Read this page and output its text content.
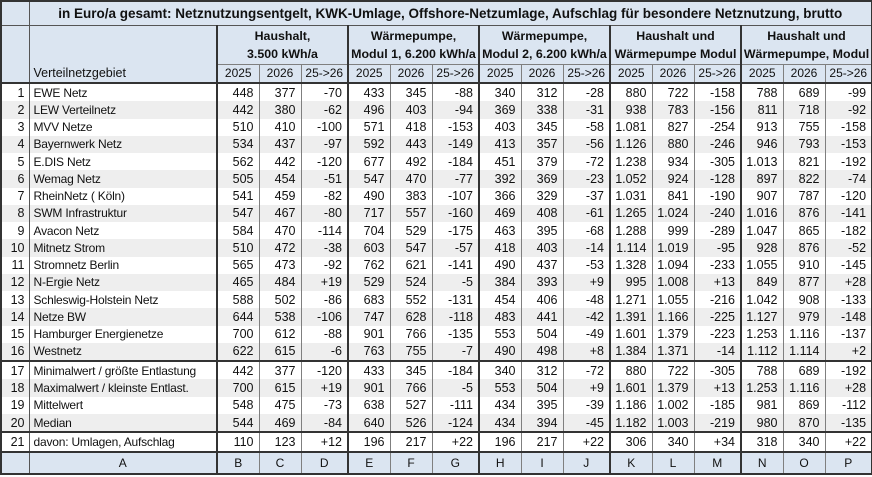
	in Euro/a gesamt: Netznutzungsentgelt, KWK-Umlage, Offshore-Netzumlage, Aufschlag für besondere Netznutzung, brutto															
	Verteilnetzgebiet	
Haushalt,
3.500 kWh/a

Wärmepumpe,
Modul 1, 6.200 kWh/a

Wärmepumpe,
Modul 2, 6.200 kWh/a

Haushalt und
Wärmepumpe Modul

Haushalt und
Wärmepumpe, Modul

		2025	2026	25->26	2025	2026	25->26	2025	2026	25->26	2025	2026	25->26	2025	2026	25->26
1	EWE Netz	448	377	-70	433	345	-88	340	312	-28	880	722	-158	788	689	-99
2	LEW Verteilnetz	442	380	-62	496	403	-94	369	338	-31	938	783	-156	811	718	-92
3	MVV Netze	510	410	-100	571	418	-153	403	345	-58	1.081	827	-254	913	755	-158
4	Bayernwerk Netz	534	437	-97	592	443	-149	413	357	-56	1.126	880	-246	946	793	-153
5	E.DIS Netz	562	442	-120	677	492	-184	451	379	-72	1.238	934	-305	1.013	821	-192
6	Wemag Netz	505	454	-51	547	470	-77	392	369	-23	1.052	924	-128	897	822	-74
7	RheinNetz ( Köln)	541	459	-82	490	383	-107	366	329	-37	1.031	841	-190	907	787	-120
8	SWM Infrastruktur	547	467	-80	717	557	-160	469	408	-61	1.265	1.024	-240	1.016	876	-141
9	Avacon Netz	584	470	-114	704	529	-175	463	395	-68	1.288	999	-289	1.047	865	-182
10	Mitnetz Strom	510	472	-38	603	547	-57	418	403	-14	1.114	1.019	-95	928	876	-52
11	Stromnetz Berlin	565	473	-92	762	621	-141	490	437	-53	1.328	1.094	-233	1.055	910	-145
12	N-Ergie Netz	465	484	+19	529	524	-5	384	393	+9	995	1.008	+13	849	877	+28
13	Schleswig-Holstein Netz	588	502	-86	683	552	-131	454	406	-48	1.271	1.055	-216	1.042	908	-133
14	Netze BW	644	538	-106	747	628	-118	483	441	-42	1.391	1.166	-225	1.127	979	-148
15	Hamburger Energienetze	700	612	-88	901	766	-135	553	504	-49	1.601	1.379	-223	1.253	1.116	-137
16	Westnetz	622	615	-6	763	755	-7	490	498	+8	1.384	1.371	-14	1.112	1.114	+2
17	Minimalwert / größte Entlastung	442	377	-120	433	345	-184	340	312	-72	880	722	-305	788	689	-192
18	Maximalwert / kleinste Entlast.	700	615	+19	901	766	-5	553	504	+9	1.601	1.379	+13	1.253	1.116	+28
19	Mittelwert	548	475	-73	638	527	-111	434	395	-39	1.186	1.002	-185	981	869	-112
20	Median	544	469	-84	640	526	-124	434	394	-45	1.182	1.003	-219	980	870	-135
21	davon: Umlagen, Aufschlag	110	123	+12	196	217	+22	196	217	+22	306	340	+34	318	340	+22
	A	B	C	D	E	F	G	H	I	J	K	L	M	N	O	P
